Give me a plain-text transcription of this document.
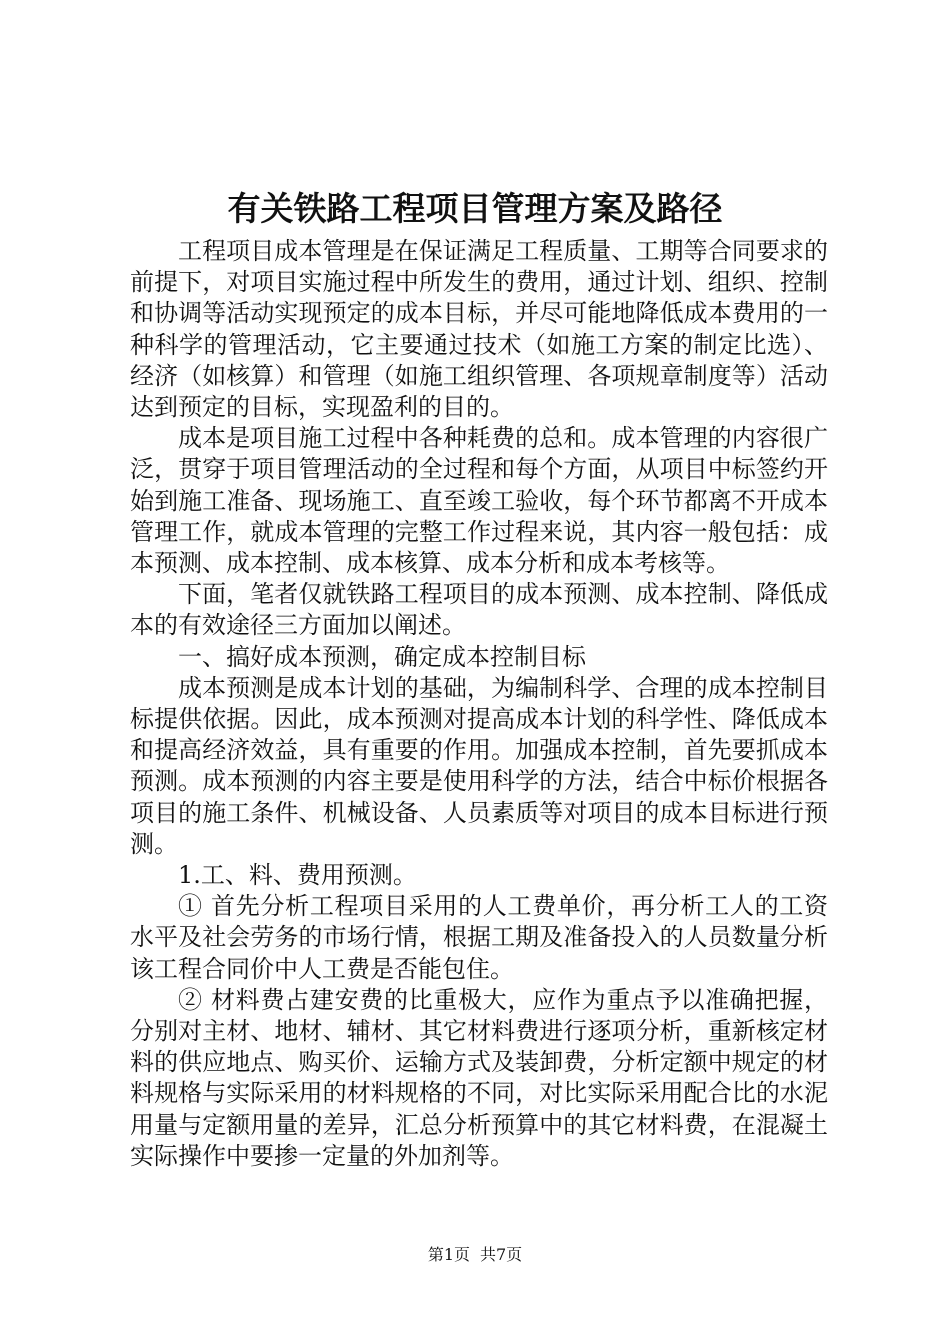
有关铁路工程项目管理方案及路径

工程项目成本管理是在保证满足工程质量、工期等合同要求的前提下，对项目实施过程中所发生的费用，通过计划、组织、控制和协调等活动实现预定的成本目标，并尽可能地降低成本费用的一种科学的管理活动，它主要通过技术（如施工方案的制定比选）、经济（如核算）和管理（如施工组织管理、各项规章制度等）活动达到预定的目标，实现盈利的目的。

成本是项目施工过程中各种耗费的总和。成本管理的内容很广泛，贯穿于项目管理活动的全过程和每个方面，从项目中标签约开始到施工准备、现场施工、直至竣工验收，每个环节都离不开成本管理工作，就成本管理的完整工作过程来说，其内容一般包括：成本预测、成本控制、成本核算、成本分析和成本考核等。

下面，笔者仅就铁路工程项目的成本预测、成本控制、降低成本的有效途径三方面加以阐述。

一、搞好成本预测，确定成本控制目标

成本预测是成本计划的基础，为编制科学、合理的成本控制目标提供依据。因此，成本预测对提高成本计划的科学性、降低成本和提高经济效益，具有重要的作用。加强成本控制，首先要抓成本预测。成本预测的内容主要是使用科学的方法，结合中标价根据各项目的施工条件、机械设备、人员素质等对项目的成本目标进行预测。

1.工、料、费用预测。

① 首先分析工程项目采用的人工费单价，再分析工人的工资水平及社会劳务的市场行情，根据工期及准备投入的人员数量分析该工程合同价中人工费是否能包住。

② 材料费占建安费的比重极大，应作为重点予以准确把握，分别对主材、地材、辅材、其它材料费进行逐项分析，重新核定材料的供应地点、购买价、运输方式及装卸费，分析定额中规定的材料规格与实际采用的材料规格的不同，对比实际采用配合比的水泥用量与定额用量的差异，汇总分析预算中的其它材料费，在混凝土实际操作中要掺一定量的外加剂等。

第1页 共7页
